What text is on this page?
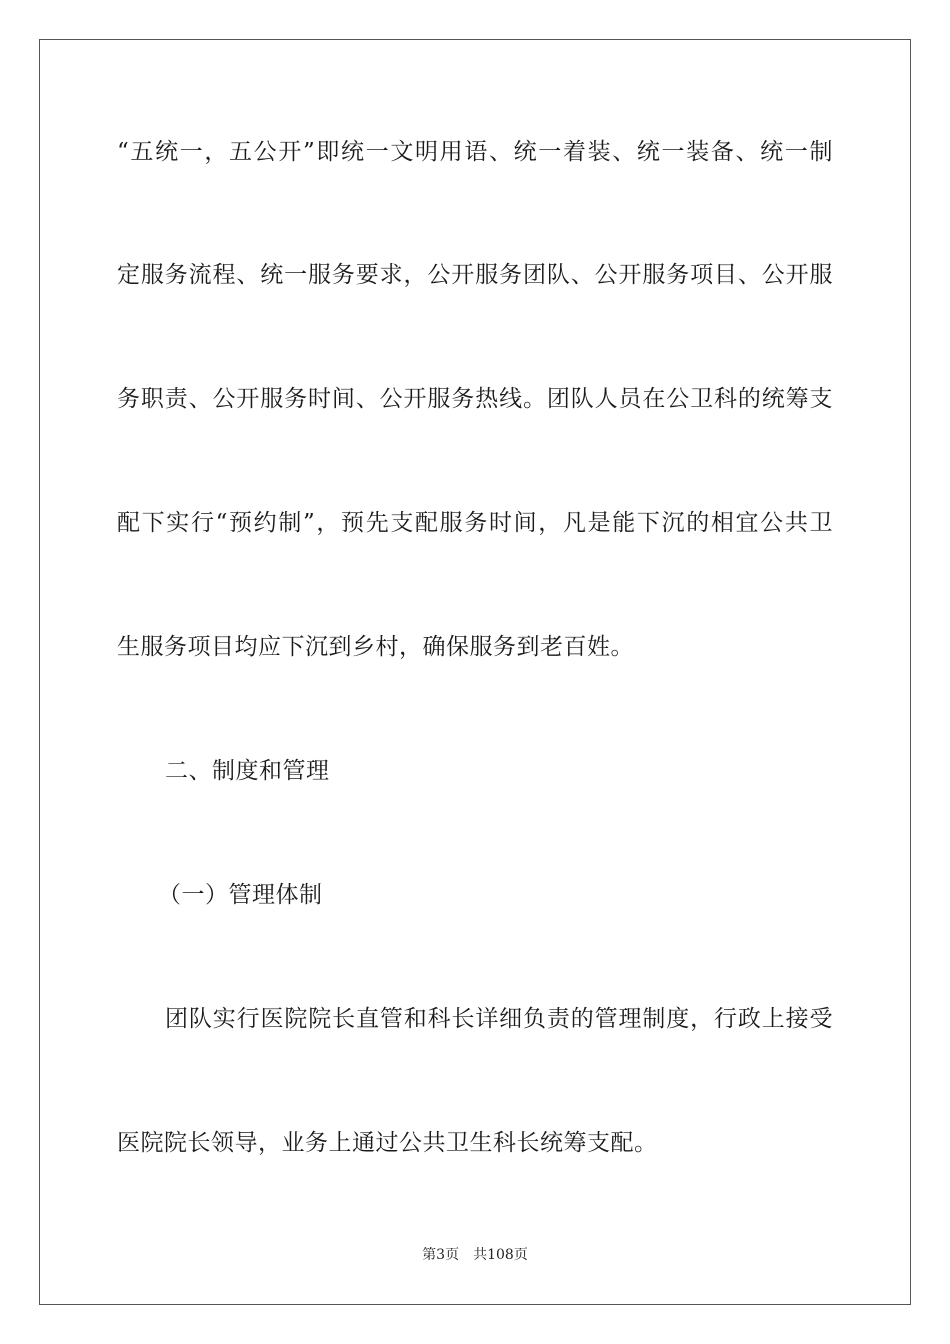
“五统一，五公开”即统一文明用语、统一着装、统一装备、统一制
定服务流程、统一服务要求，公开服务团队、公开服务项目、公开服
务职责、公开服务时间、公开服务热线。团队人员在公卫科的统筹支
配下实行“预约制”，预先支配服务时间，凡是能下沉的相宜公共卫
生服务项目均应下沉到乡村，确保服务到老百姓。
二、制度和管理
（一）管理体制
团队实行医院院长直管和科长详细负责的管理制度，行政上接受
医院院长领导，业务上通过公共卫生科长统筹支配。
第3页 共108页
